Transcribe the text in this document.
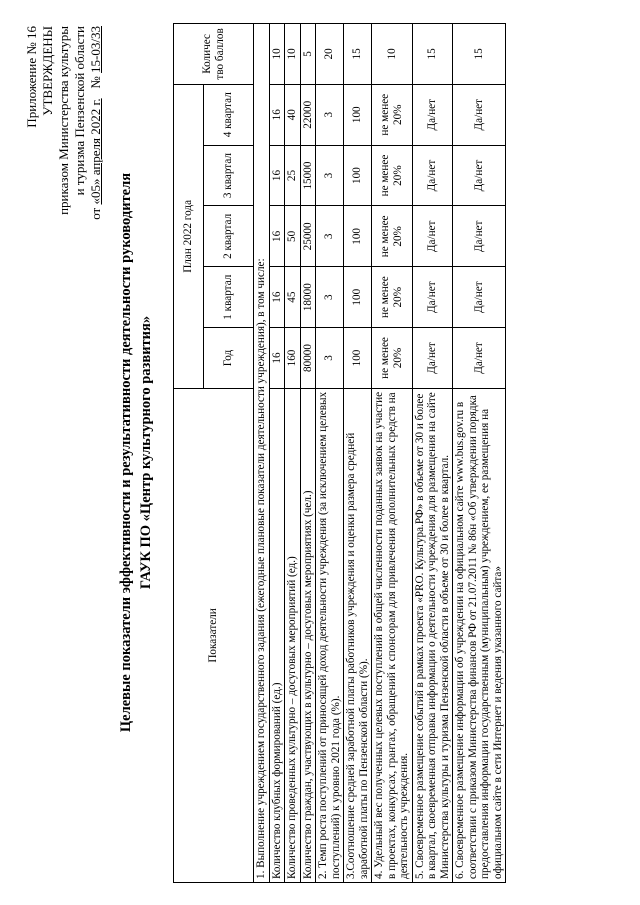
Приложение № 16 УТВЕРЖДЕНЫ приказом Министерства культуры и туризма Пензенской области
от «05» апреля 2022 г.   № 15-03/33
Целевые показатели эффективности и результативности деятельности руководителя ГАУК ПО «Центр культурного развития»
Показатели	План 2022 года					Количес тво баллов
	Год	1 квартал	2 квартал	3 квартал	4 квартал	
1. Выполнение учреждением государственного задания (ежегодные плановые показатели деятельности учреждения), в том числе:						
Количество клубных формирований (ед.)	16	16	16	16	16	10
Количество проведенных культурно – досуговых мероприятий (ед.)	160	45	50	25	40	10
Количество граждан, участвующих в культурно – досуговых мероприятиях (чел.)	80000	18000	25000	15000	22000	5
2. Темп роста поступлений от приносящей доход деятельности учреждения (за исключением целевых поступлений) к уровню 2021 года (%).	3	3	3	3	3	20
3.Соотношение средней заработной платы работников учреждения и оценки размера средней заработной платы по Пензенской области (%).	100	100	100	100	100	15
4. Удельный вес полученных целевых поступлений в общей численности поданных заявок на участие в проектах, конкурсах, грантах, обращений к спонсорам для привлечения дополнительных средств на деятельность учреждения.	не менее 20%	не менее 20%	не менее 20%	не менее 20%	не менее 20%	10
5. Своевременное размещение событий в рамках проекта «PRO. Культура.РФ» в объеме от 30 и более в квартал, своевременная отправка информации о деятельности учреждения для размещения на сайте Министерства культуры и туризма Пензенской области в объеме от 30 и более в квартал.	Да/нет	Да/нет	Да/нет	Да/нет	Да/нет	15
6. Своевременное размещение информации об учреждении на официальном сайте www.bus.gov.ru в соответствии с приказом Министерства финансов РФ от 21.07.2011 № 86н «Об утверждении порядка предоставления информации государственным (муниципальным) учреждением, ее размещения на официальном сайте в сети Интернет и ведения указанного сайта»	Да/нет	Да/нет	Да/нет	Да/нет	Да/нет	15
